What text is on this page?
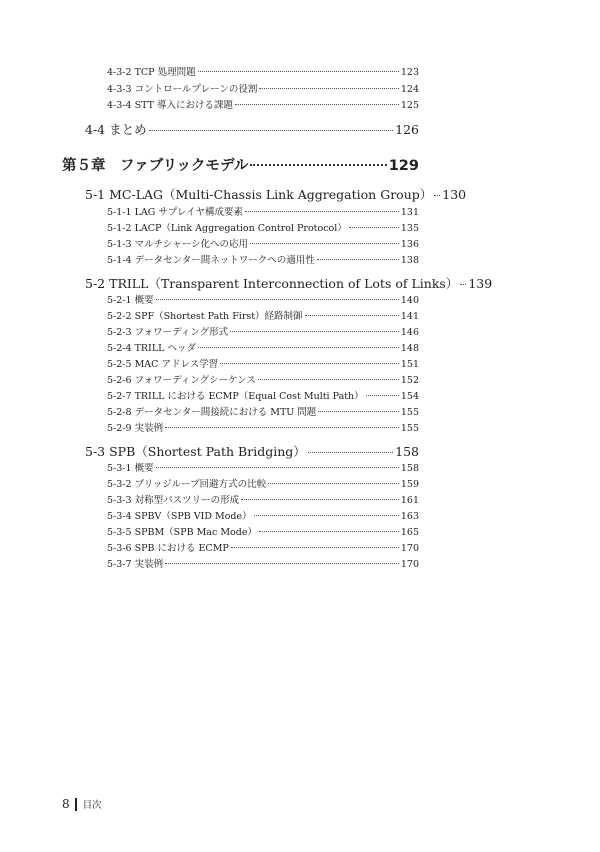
4-3-2 TCP 処理問題	123
4-3-3 コントロールプレーンの役割	124
4-3-4 STT 導入における課題	125
4-4 まとめ	126
第５章　ファブリックモデル	129
5-1 MC-LAG（Multi-Chassis Link Aggregation Group） 130
5-1-1 LAG サプレイヤ構成要素	131
5-1-2 LACP（Link Aggregation Control Protocol）	135
5-1-3 マルチシャーシ化への応用	136
5-1-4 データセンター間ネットワークへの適用性	138
5-2 TRILL（Transparent Interconnection of Lots of Links） 139
5-2-1 概要	140
5-2-2 SPF（Shortest Path First）経路制御	141
5-2-3 フォワーディング形式	146
5-2-4 TRILL ヘッダ	148
5-2-5 MAC アドレス学習	151
5-2-6 フォワーディングシーケンス	152
5-2-7 TRILL における ECMP（Equal Cost Multi Path）	154
5-2-8 データセンター間接続における MTU 問題	155
5-2-9 実装例	155
5-3 SPB（Shortest Path Bridging）	158
5-3-1 概要	158
5-3-2 ブリッジループ回避方式の比較	159
5-3-3 対称型パスツリーの形成	161
5-3-4 SPBV（SPB VID Mode）	163
5-3-5 SPBM（SPB Mac Mode）	165
5-3-6 SPB における ECMP	170
5-3-7 実装例	170
8 目次
